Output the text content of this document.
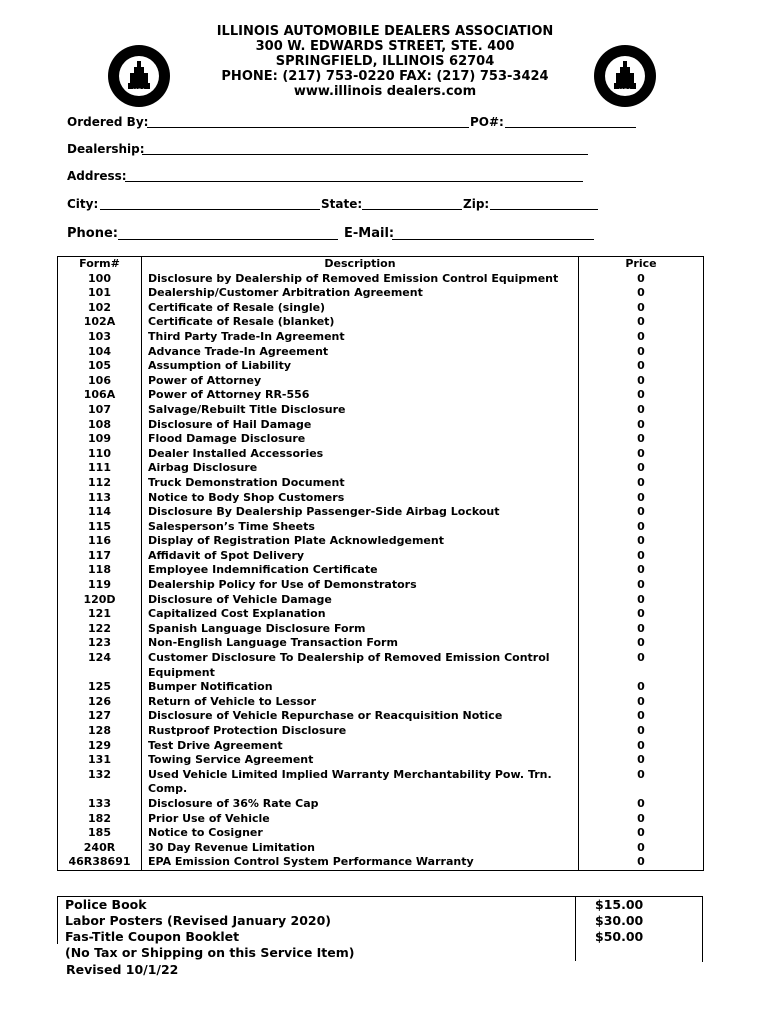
IADA	IADA
ILLINOIS AUTOMOBILE DEALERS ASSOCIATION
300 W. EDWARDS STREET, STE. 400
SPRINGFIELD, ILLINOIS 62704
PHONE: (217) 753-0220 FAX: (217) 753-3424
www.illinois dealers.com
Ordered By:	PO#:
Dealership:
Address:
City:	State:	Zip:
Phone:	E-Mail:
Form#	Description	Price
100	Disclosure by Dealership of Removed Emission Control Equipment	0
101	Dealership/Customer Arbitration Agreement	0
102	Certificate of Resale (single)	0
102A	Certificate of Resale (blanket)	0
103	Third Party Trade-In Agreement	0
104	Advance Trade-In Agreement	0
105	Assumption of Liability	0
106	Power of Attorney	0
106A	Power of Attorney RR-556	0
107	Salvage/Rebuilt Title Disclosure	0
108	Disclosure of Hail Damage	0
109	Flood Damage Disclosure	0
110	Dealer Installed Accessories	0
111	Airbag Disclosure	0
112	Truck Demonstration Document	0
113	Notice to Body Shop Customers	0
114	Disclosure By Dealership Passenger-Side Airbag Lockout	0
115	Salesperson’s Time Sheets	0
116	Display of Registration Plate Acknowledgement	0
117	Affidavit of Spot Delivery	0
118	Employee Indemnification Certificate	0
119	Dealership Policy for Use of Demonstrators	0
120D	Disclosure of Vehicle Damage	0
121	Capitalized Cost Explanation	0
122	Spanish Language Disclosure Form	0
123	Non-English Language Transaction Form	0
124	Customer Disclosure To Dealership of Removed Emission Control Equipment	0
125	Bumper Notification	0
126	Return of Vehicle to Lessor	0
127	Disclosure of Vehicle Repurchase or Reacquisition Notice	0
128	Rustproof Protection Disclosure	0
129	Test Drive Agreement	0
131	Towing Service Agreement	0
132	Used Vehicle Limited Implied Warranty Merchantability Pow. Trn. Comp.	0
133	Disclosure of 36% Rate Cap	0
182	Prior Use of Vehicle	0
185	Notice to Cosigner	0
240R	30 Day Revenue Limitation	0
46R38691	EPA Emission Control System Performance Warranty	0
Police Book	$15.00
Labor Posters (Revised January 2020)	$30.00
Fas-Title Coupon Booklet	$50.00
(No Tax or Shipping on this Service Item)	
Revised 10/1/22
